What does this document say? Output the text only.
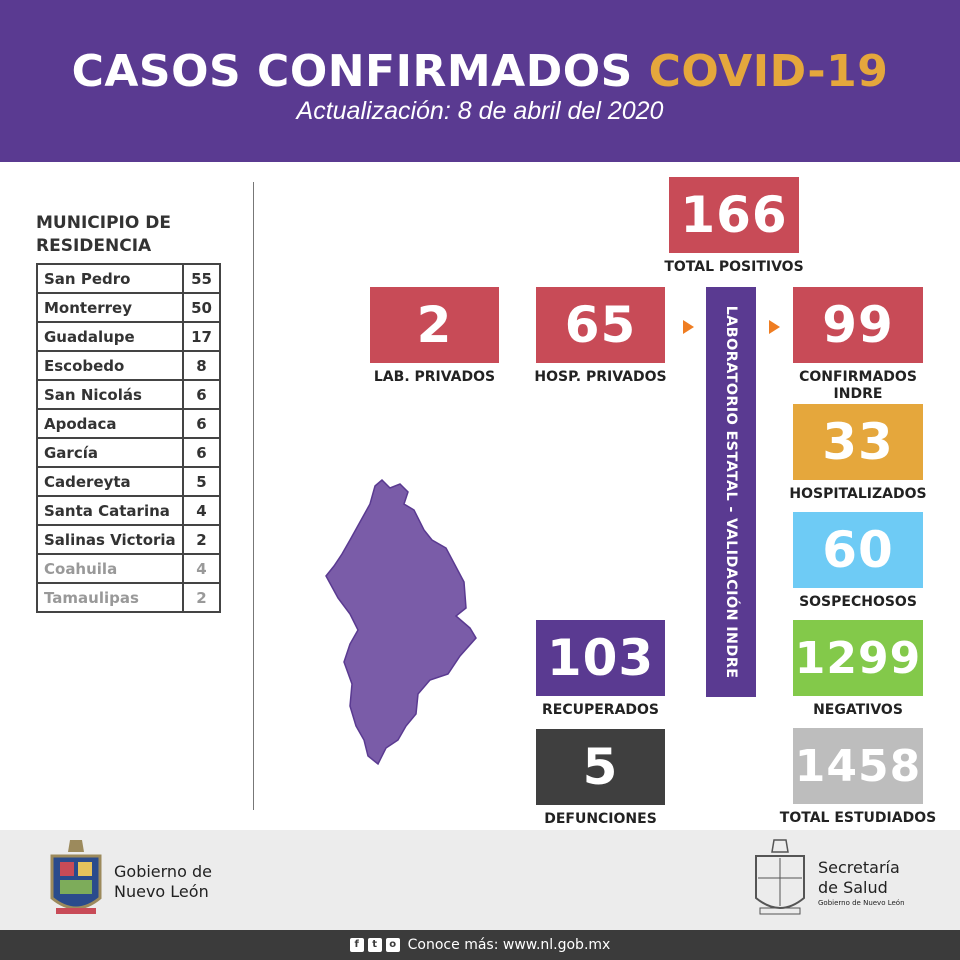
CASOS CONFIRMADOS COVID-19
Actualización: 8 de abril del 2020
MUNICIPIO DE
RESIDENCIA
San Pedro	55
Monterrey	50
Guadalupe	17
Escobedo	8
San Nicolás	6
Apodaca	6
García	6
Cadereyta	5
Santa Catarina	4
Salinas Victoria	2
Coahuila	4
Tamaulipas	2
166
TOTAL POSITIVOS
2
LAB. PRIVADOS
65
HOSP. PRIVADOS	LABORATORIO ESTATAL - VALIDACIÓN INDRE 99
CONFIRMADOS
INDRE
33
HOSPITALIZADOS
60
SOSPECHOSOS
1299
NEGATIVOS
1458
TOTAL ESTUDIADOS
103
RECUPERADOS
5
DEFUNCIONES
Gobierno de
Nuevo León
Secretaría
de Salud
Gobierno de Nuevo León
f	t	o Conoce más: www.nl.gob.mx
